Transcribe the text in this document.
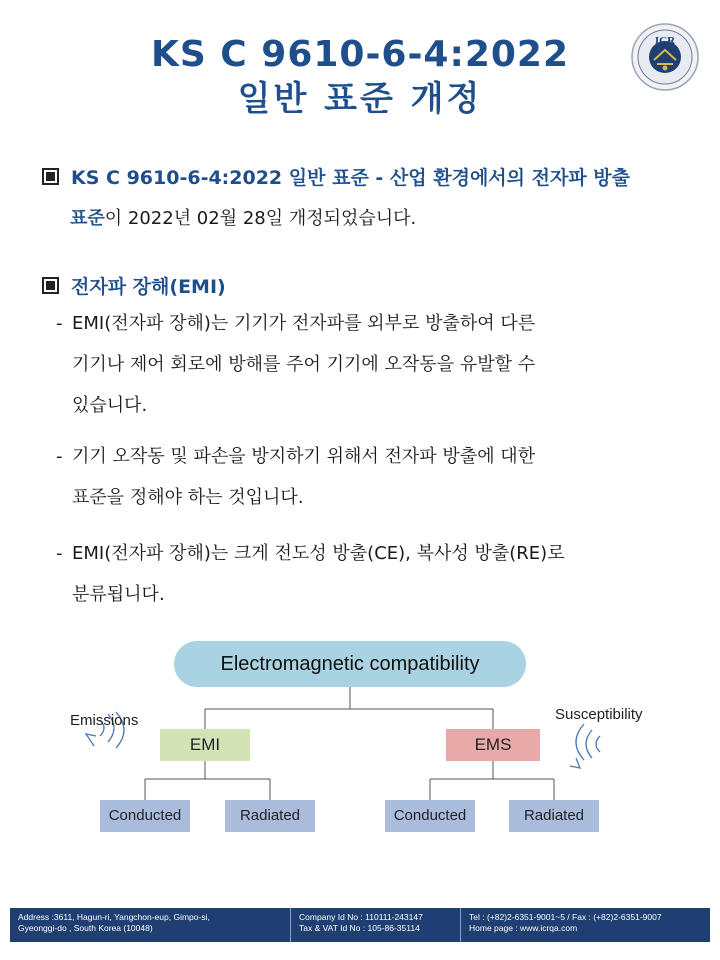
KS C 9610-6-4:2022
일반 표준 개정
ICR
KS C 9610-6-4:2022 일반 표준 - 산업 환경에서의 전자파 방출
표준이 2022년 02월 28일 개정되었습니다.
전자파 장해(EMI)
- EMI(전자파 장해)는 기기가 전자파를 외부로 방출하여 다른
기기나 제어 회로에 방해를 주어 기기에 오작동을 유발할 수
있습니다.
- 기기 오작동 및 파손을 방지하기 위해서 전자파 방출에 대한
표준을 정해야 하는 것입니다.
- EMI(전자파 장해)는 크게 전도성 방출(CE), 복사성 방출(RE)로
분류됩니다.
Electromagnetic compatibility
EMI	EMS
Conducted	Radiated	Conducted	Radiated
Emissions	Susceptibility
Address :3611, Hagun-ri, Yangchon-eup, Gimpo-si,
Gyeonggi-do , South Korea (10048)
Company Id No : 110111-243147
Tax & VAT Id No : 105-86-35114
Tel : (+82)2-6351-9001~5 / Fax : (+82)2-6351-9007
Home page : www.icrqa.com
